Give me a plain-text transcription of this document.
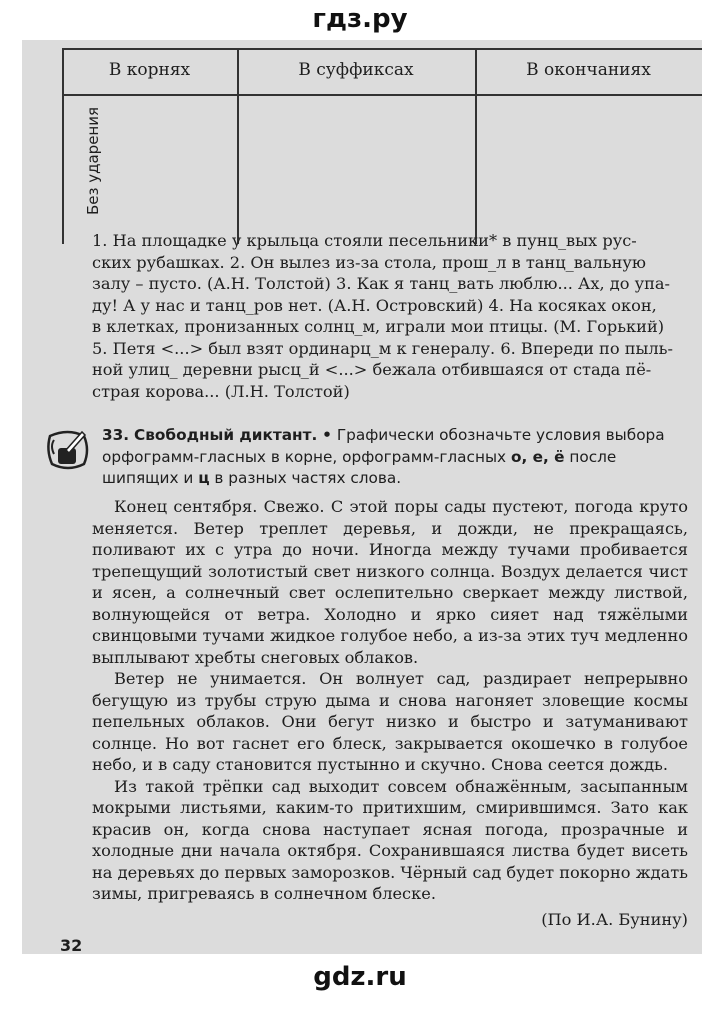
гдз.ру
В корнях	В суффиксах	В окончаниях
Без ударения

1. На площадке у крыльца стояли песельники* в пунц_вых рус-

ских рубашках. 2. Он вылез из-за стола, прош_л в танц_вальную

залу – пусто. (А.Н. Толстой) 3. Как я танц_вать люблю... Ах, до упа-

ду! А у нас и танц_ров нет. (А.Н. Островский) 4. На косяках окон,

в клетках, пронизанных солнц_м, играли мои птицы. (М. Горький)

5. Петя <...> был взят ординарц_м к генералу. 6. Впереди по пыль-

ной улиц_ деревни рысц_й <...> бежала отбившаяся от стада пё-

страя корова... (Л.Н. Толстой)

33. Свободный диктант. • Графически обозначьте условия выбора
орфограмм-гласных в корне, орфограмм-гласных о, е, ё после
шипящих и ц в разных частях слова.

Конец сентября. Свежо. С этой поры сады пустеют, погода круто меняется. Ветер треплет деревья, и дожди, не прекращаясь, поливают их с утра до ночи. Иногда между тучами пробивается трепещущий золотистый свет низкого солнца. Воздух делается чист и ясен, а солнечный свет ослепительно сверкает между листвой, волнующейся от ветра. Холодно и ярко сияет над тяжёлыми свинцовыми тучами жидкое голубое небо, а из-за этих туч медленно выплывают хребты снеговых облаков.

Ветер не унимается. Он волнует сад, раздирает непрерывно бегущую из трубы струю дыма и снова нагоняет зловещие космы пепельных облаков. Они бегут низко и быстро и затуманивают солнце. Но вот гаснет его блеск, закрывается окошечко в голубое небо, и в саду становится пустынно и скучно. Снова сеется дождь.

Из такой трёпки сад выходит совсем обнажённым, засыпанным мокрыми листьями, каким-то притихшим, смирившимся. Зато как красив он, когда снова наступает ясная погода, прозрачные и холодные дни начала октября. Сохранившаяся листва будет висеть на деревьях до первых заморозков. Чёрный сад будет покорно ждать зимы, пригреваясь в солнечном блеске.

(По И.А. Бунину)

32
gdz.ru
